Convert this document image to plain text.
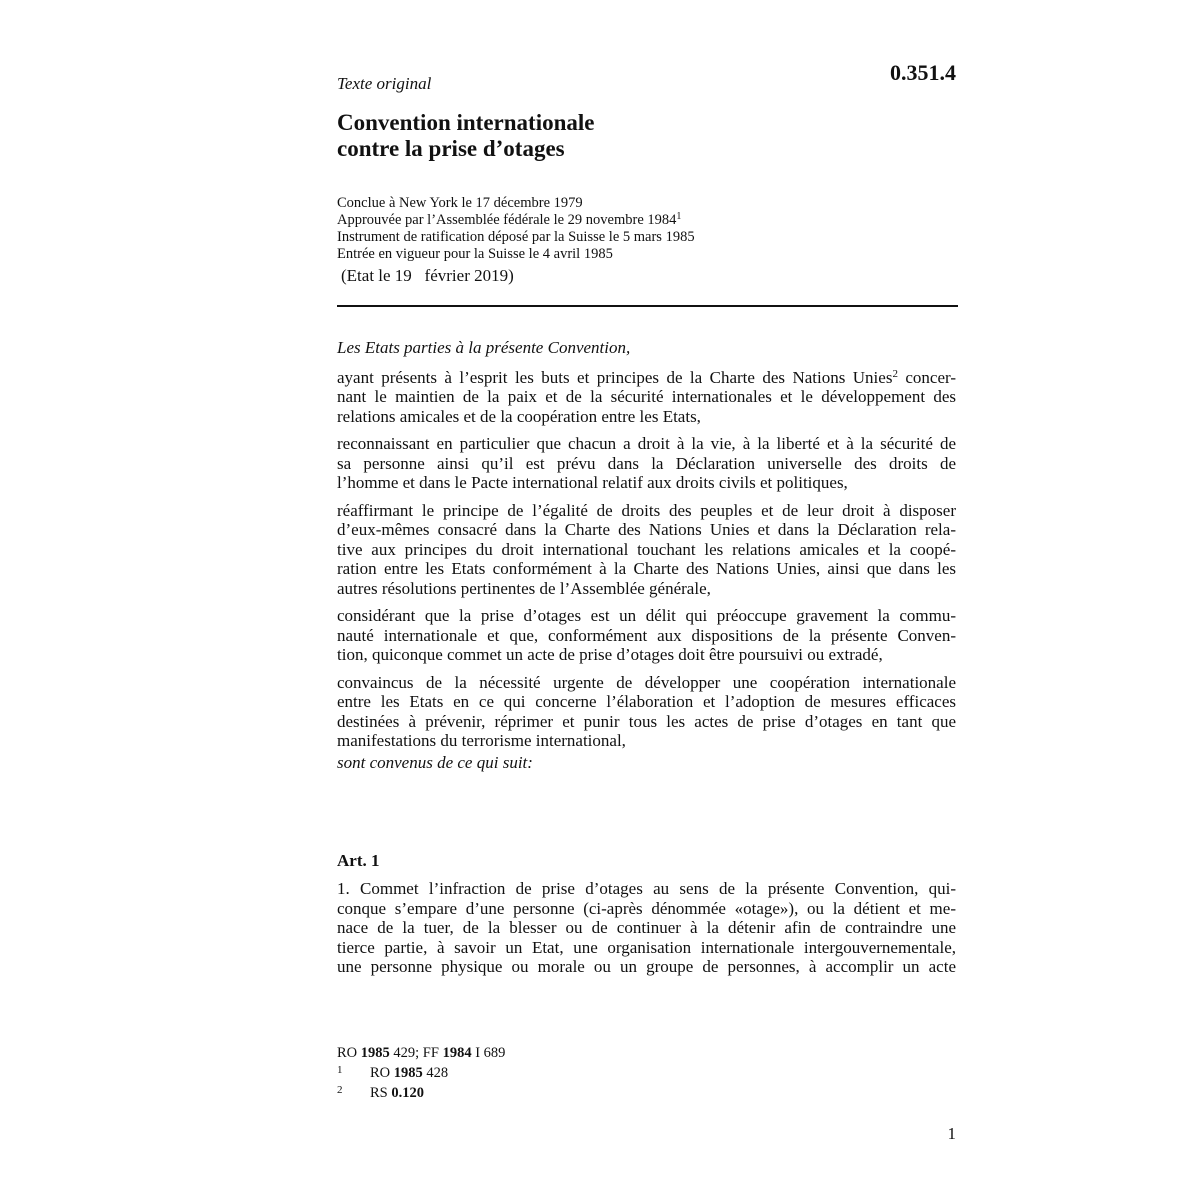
Texte original	0.351.4
Convention internationale
contre la prise d’otages
Conclue à New York le 17 décembre 1979
Approuvée par l’Assemblée fédérale le 29 novembre 1984$^1$
Instrument de ratification déposé par la Suisse le 5 mars 1985
Entrée en vigueur pour la Suisse le 4 avril 1985
(Etat le 19   février 2019)
Les Etats parties à la présente Convention,
ayant présents à l’esprit les buts et principes de la Charte des Nations Unies$^2$ concer-
nant le maintien de la paix et de la sécurité internationales et le développement des
relations amicales et de la coopération entre les Etats,
reconnaissant en particulier que chacun a droit à la vie, à la liberté et à la sécurité de
sa personne ainsi qu’il est prévu dans la Déclaration universelle des droits de
l’homme et dans le Pacte international relatif aux droits civils et politiques,
réaffirmant le principe de l’égalité de droits des peuples et de leur droit à disposer
d’eux-mêmes consacré dans la Charte des Nations Unies et dans la Déclaration rela-
tive aux principes du droit international touchant les relations amicales et la coopé-
ration entre les Etats conformément à la Charte des Nations Unies, ainsi que dans les
autres résolutions pertinentes de l’Assemblée générale,
considérant que la prise d’otages est un délit qui préoccupe gravement la commu-
nauté internationale et que, conformément aux dispositions de la présente Conven-
tion, quiconque commet un acte de prise d’otages doit être poursuivi ou extradé,
convaincus de la nécessité urgente de développer une coopération internationale
entre les Etats en ce qui concerne l’élaboration et l’adoption de mesures efficaces
destinées à prévenir, réprimer et punir tous les actes de prise d’otages en tant que
manifestations du terrorisme international,
sont convenus de ce qui suit:
Art. 1
1. Commet l’infraction de prise d’otages au sens de la présente Convention, qui-
conque s’empare d’une personne (ci-après dénommée «otage»), ou la détient et me-
nace de la tuer, de la blesser ou de continuer à la détenir afin de contraindre une
tierce partie, à savoir un Etat, une organisation internationale intergouvernementale,
une personne physique ou morale ou un groupe de personnes, à accomplir un acte
RO 1985 429; FF 1984 I 689
1 RO 1985 428
2 RS 0.120
1
